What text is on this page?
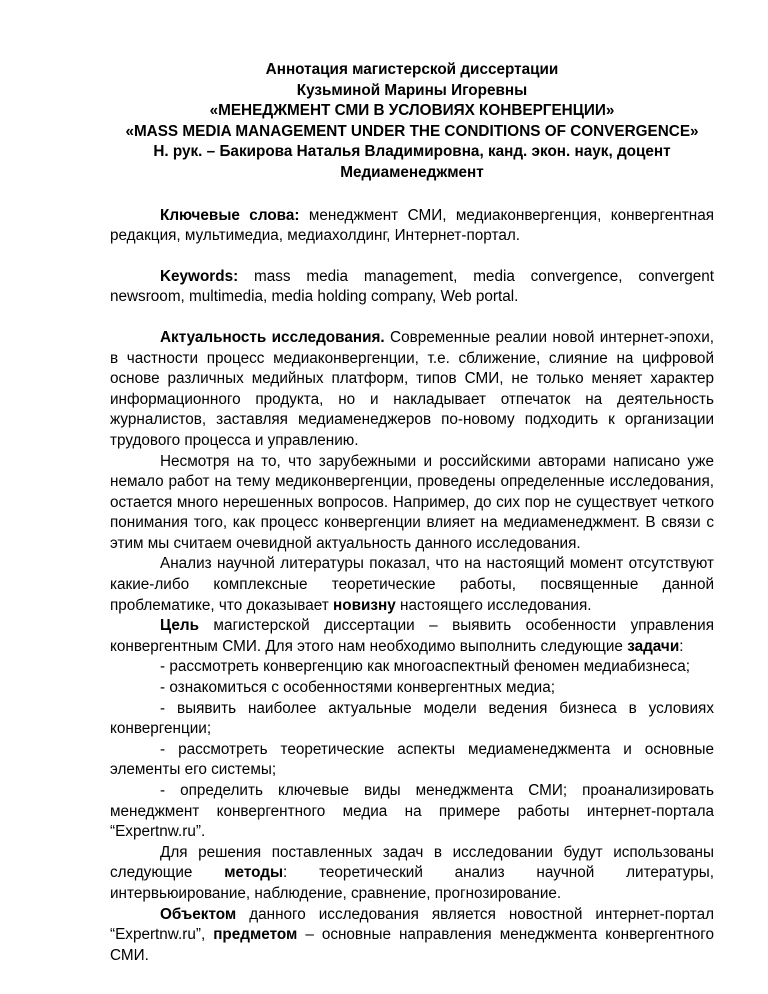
Аннотация магистерской диссертации
Кузьминой Марины Игоревны
«МЕНЕДЖМЕНТ СМИ В УСЛОВИЯХ КОНВЕРГЕНЦИИ»
«MASS MEDIA MANAGEMENT UNDER THE CONDITIONS OF CONVERGENCE»
Н. рук. – Бакирова Наталья Владимировна, канд. экон. наук, доцент
Медиаменеджмент

Ключевые слова: менеджмент СМИ, медиаконвергенция, конвергентная редакция, мультимедиа, медиахолдинг, Интернет-портал.

Keywords: mass media management, media convergence, convergent newsroom, multimedia, media holding company, Web portal.

Актуальность исследования. Современные реалии новой интернет-эпохи, в частности процесс медиаконвергенции, т.е. сближение, слияние на цифровой основе различных медийных платформ, типов СМИ, не только меняет характер информационного продукта, но и накладывает отпечаток на деятельность журналистов, заставляя медиаменеджеров по-новому подходить к организации трудового процесса и управлению.

Несмотря на то, что зарубежными и российскими авторами написано уже немало работ на тему медиконвергенции, проведены определенные исследования, остается много нерешенных вопросов. Например, до сих пор не существует четкого понимания того, как процесс конвергенции влияет на медиаменеджмент. В связи с этим мы считаем очевидной актуальность данного исследования.

Анализ научной литературы показал, что на настоящий момент отсутствуют какие-либо комплексные теоретические работы, посвященные данной проблематике, что доказывает новизну настоящего исследования.

Цель магистерской диссертации – выявить особенности управления конвергентным СМИ. Для этого нам необходимо выполнить следующие задачи:

- рассмотреть конвергенцию как многоаспектный феномен медиабизнеса;

- ознакомиться с особенностями конвергентных медиа;

- выявить наиболее актуальные модели ведения бизнеса в условиях конвергенции;

- рассмотреть теоретические аспекты медиаменеджмента и основные элементы его системы;

- определить ключевые виды менеджмента СМИ; проанализировать менеджмент конвергентного медиа на примере работы интернет-портала “Expertnw.ru”.

Для решения поставленных задач в исследовании будут использованы следующие методы: теоретический анализ научной литературы, интервьюирование, наблюдение, сравнение, прогнозирование.

Объектом данного исследования является новостной интернет-портал “Expertnw.ru”, предметом – основные направления менеджмента конвергентного СМИ.
